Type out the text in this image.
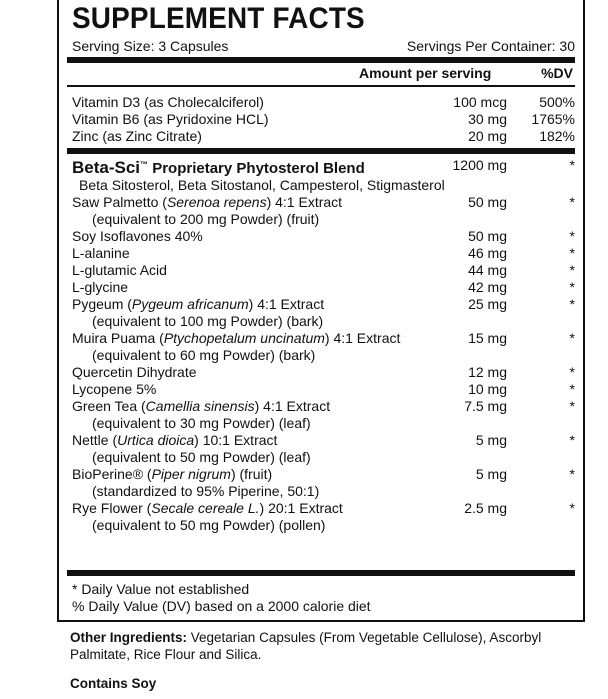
SUPPLEMENT FACTS
Serving Size: 3 Capsules	Servings Per Container: 30
Amount per serving	%DV
Vitamin D3 (as Cholecalciferol)	100 mcg 500%
Vitamin B6 (as Pyridoxine HCL)	30 mg 1765%
Zinc (as Zinc Citrate)	20 mg 182%
Beta-Sci™ Proprietary Phytosterol Blend	1200 mg	*
Beta Sitosterol, Beta Sitostanol, Campesterol, Stigmasterol
Saw Palmetto (Serenoa repens) 4:1 Extract	50 mg	*
(equivalent to 200 mg Powder) (fruit)
Soy Isoflavones 40%	50 mg	*
L-alanine	46 mg	*
L-glutamic Acid	44 mg	*
L-glycine	42 mg	*
Pygeum (Pygeum africanum) 4:1 Extract	25 mg	*
(equivalent to 100 mg Powder) (bark)
Muira Puama (Ptychopetalum uncinatum) 4:1 Extract	15 mg	*
(equivalent to 60 mg Powder) (bark)
Quercetin Dihydrate	12 mg	*
Lycopene 5%	10 mg	*
Green Tea (Camellia sinensis) 4:1 Extract	7.5 mg	*
(equivalent to 30 mg Powder) (leaf)
Nettle (Urtica dioica) 10:1 Extract	5 mg	*
(equivalent to 50 mg Powder) (leaf)
BioPerine® (Piper nigrum) (fruit)	5 mg	*
(standardized to 95% Piperine, 50:1)
Rye Flower (Secale cereale L.) 20:1 Extract	2.5 mg	*
(equivalent to 50 mg Powder) (pollen)
* Daily Value not established
% Daily Value (DV) based on a 2000 calorie diet
Other Ingredients: Vegetarian Capsules (From Vegetable Cellulose), Ascorbyl Palmitate, Rice Flour and Silica.
Contains Soy
